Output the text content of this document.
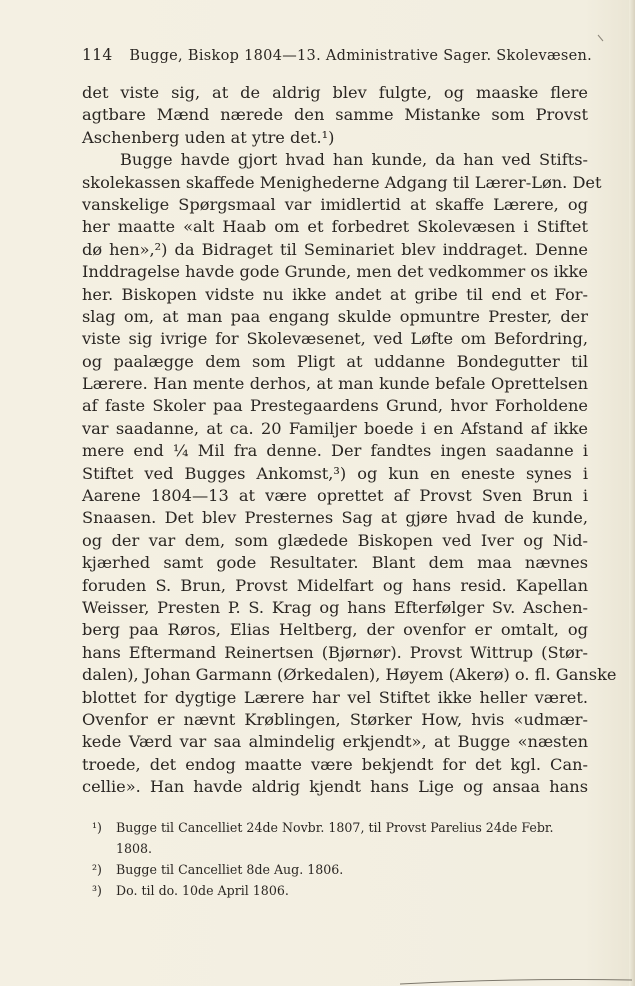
114 Bugge, Biskop 1804—13. Administrative Sager. Skolevæsen.
det viste sig, at de aldrig blev fulgte, og maaske flere
agtbare Mænd nærede den samme Mistanke som Provst
Aschenberg uden at ytre det.¹)
Bugge havde gjort hvad han kunde, da han ved Stifts-
skolekassen skaffede Menighederne Adgang til Lærer-Løn. Det
vanskelige Spørgsmaal var imidlertid at skaffe Lærere, og
her maatte «alt Haab om et forbedret Skolevæsen i Stiftet
dø hen»,²) da Bidraget til Seminariet blev inddraget. Denne
Inddragelse havde gode Grunde, men det vedkommer os ikke
her. Biskopen vidste nu ikke andet at gribe til end et For-
slag om, at man paa engang skulde opmuntre Prester, der
viste sig ivrige for Skolevæsenet, ved Løfte om Befordring,
og paalægge dem som Pligt at uddanne Bondegutter til
Lærere. Han mente derhos, at man kunde befale Oprettelsen
af faste Skoler paa Prestegaardens Grund, hvor Forholdene
var saadanne, at ca. 20 Familjer boede i en Afstand af ikke
mere end ¼ Mil fra denne. Der fandtes ingen saadanne i
Stiftet ved Bugges Ankomst,³) og kun en eneste synes i
Aarene 1804—13 at være oprettet af Provst Sven Brun i
Snaasen. Det blev Presternes Sag at gjøre hvad de kunde,
og der var dem, som glædede Biskopen ved Iver og Nid-
kjærhed samt gode Resultater. Blant dem maa nævnes
foruden S. Brun, Provst Midelfart og hans resid. Kapellan
Weisser, Presten P. S. Krag og hans Efterfølger Sv. Aschen-
berg paa Røros, Elias Heltberg, der ovenfor er omtalt, og
hans Eftermand Reinertsen (Bjørnør). Provst Wittrup (Stør-
dalen), Johan Garmann (Ørkedalen), Høyem (Akerø) o. fl. Ganske
blottet for dygtige Lærere har vel Stiftet ikke heller været.
Ovenfor er nævnt Krøblingen, Størker How, hvis «udmær-
kede Værd var saa almindelig erkjendt», at Bugge «næsten
troede, det endog maatte være bekjendt for det kgl. Can-
cellie». Han havde aldrig kjendt hans Lige og ansaa hans
¹) Bugge til Cancelliet 24de Novbr. 1807, til Provst Parelius 24de Febr.
1808.
²) Bugge til Cancelliet 8de Aug. 1806.
³) Do. til do. 10de April 1806.
